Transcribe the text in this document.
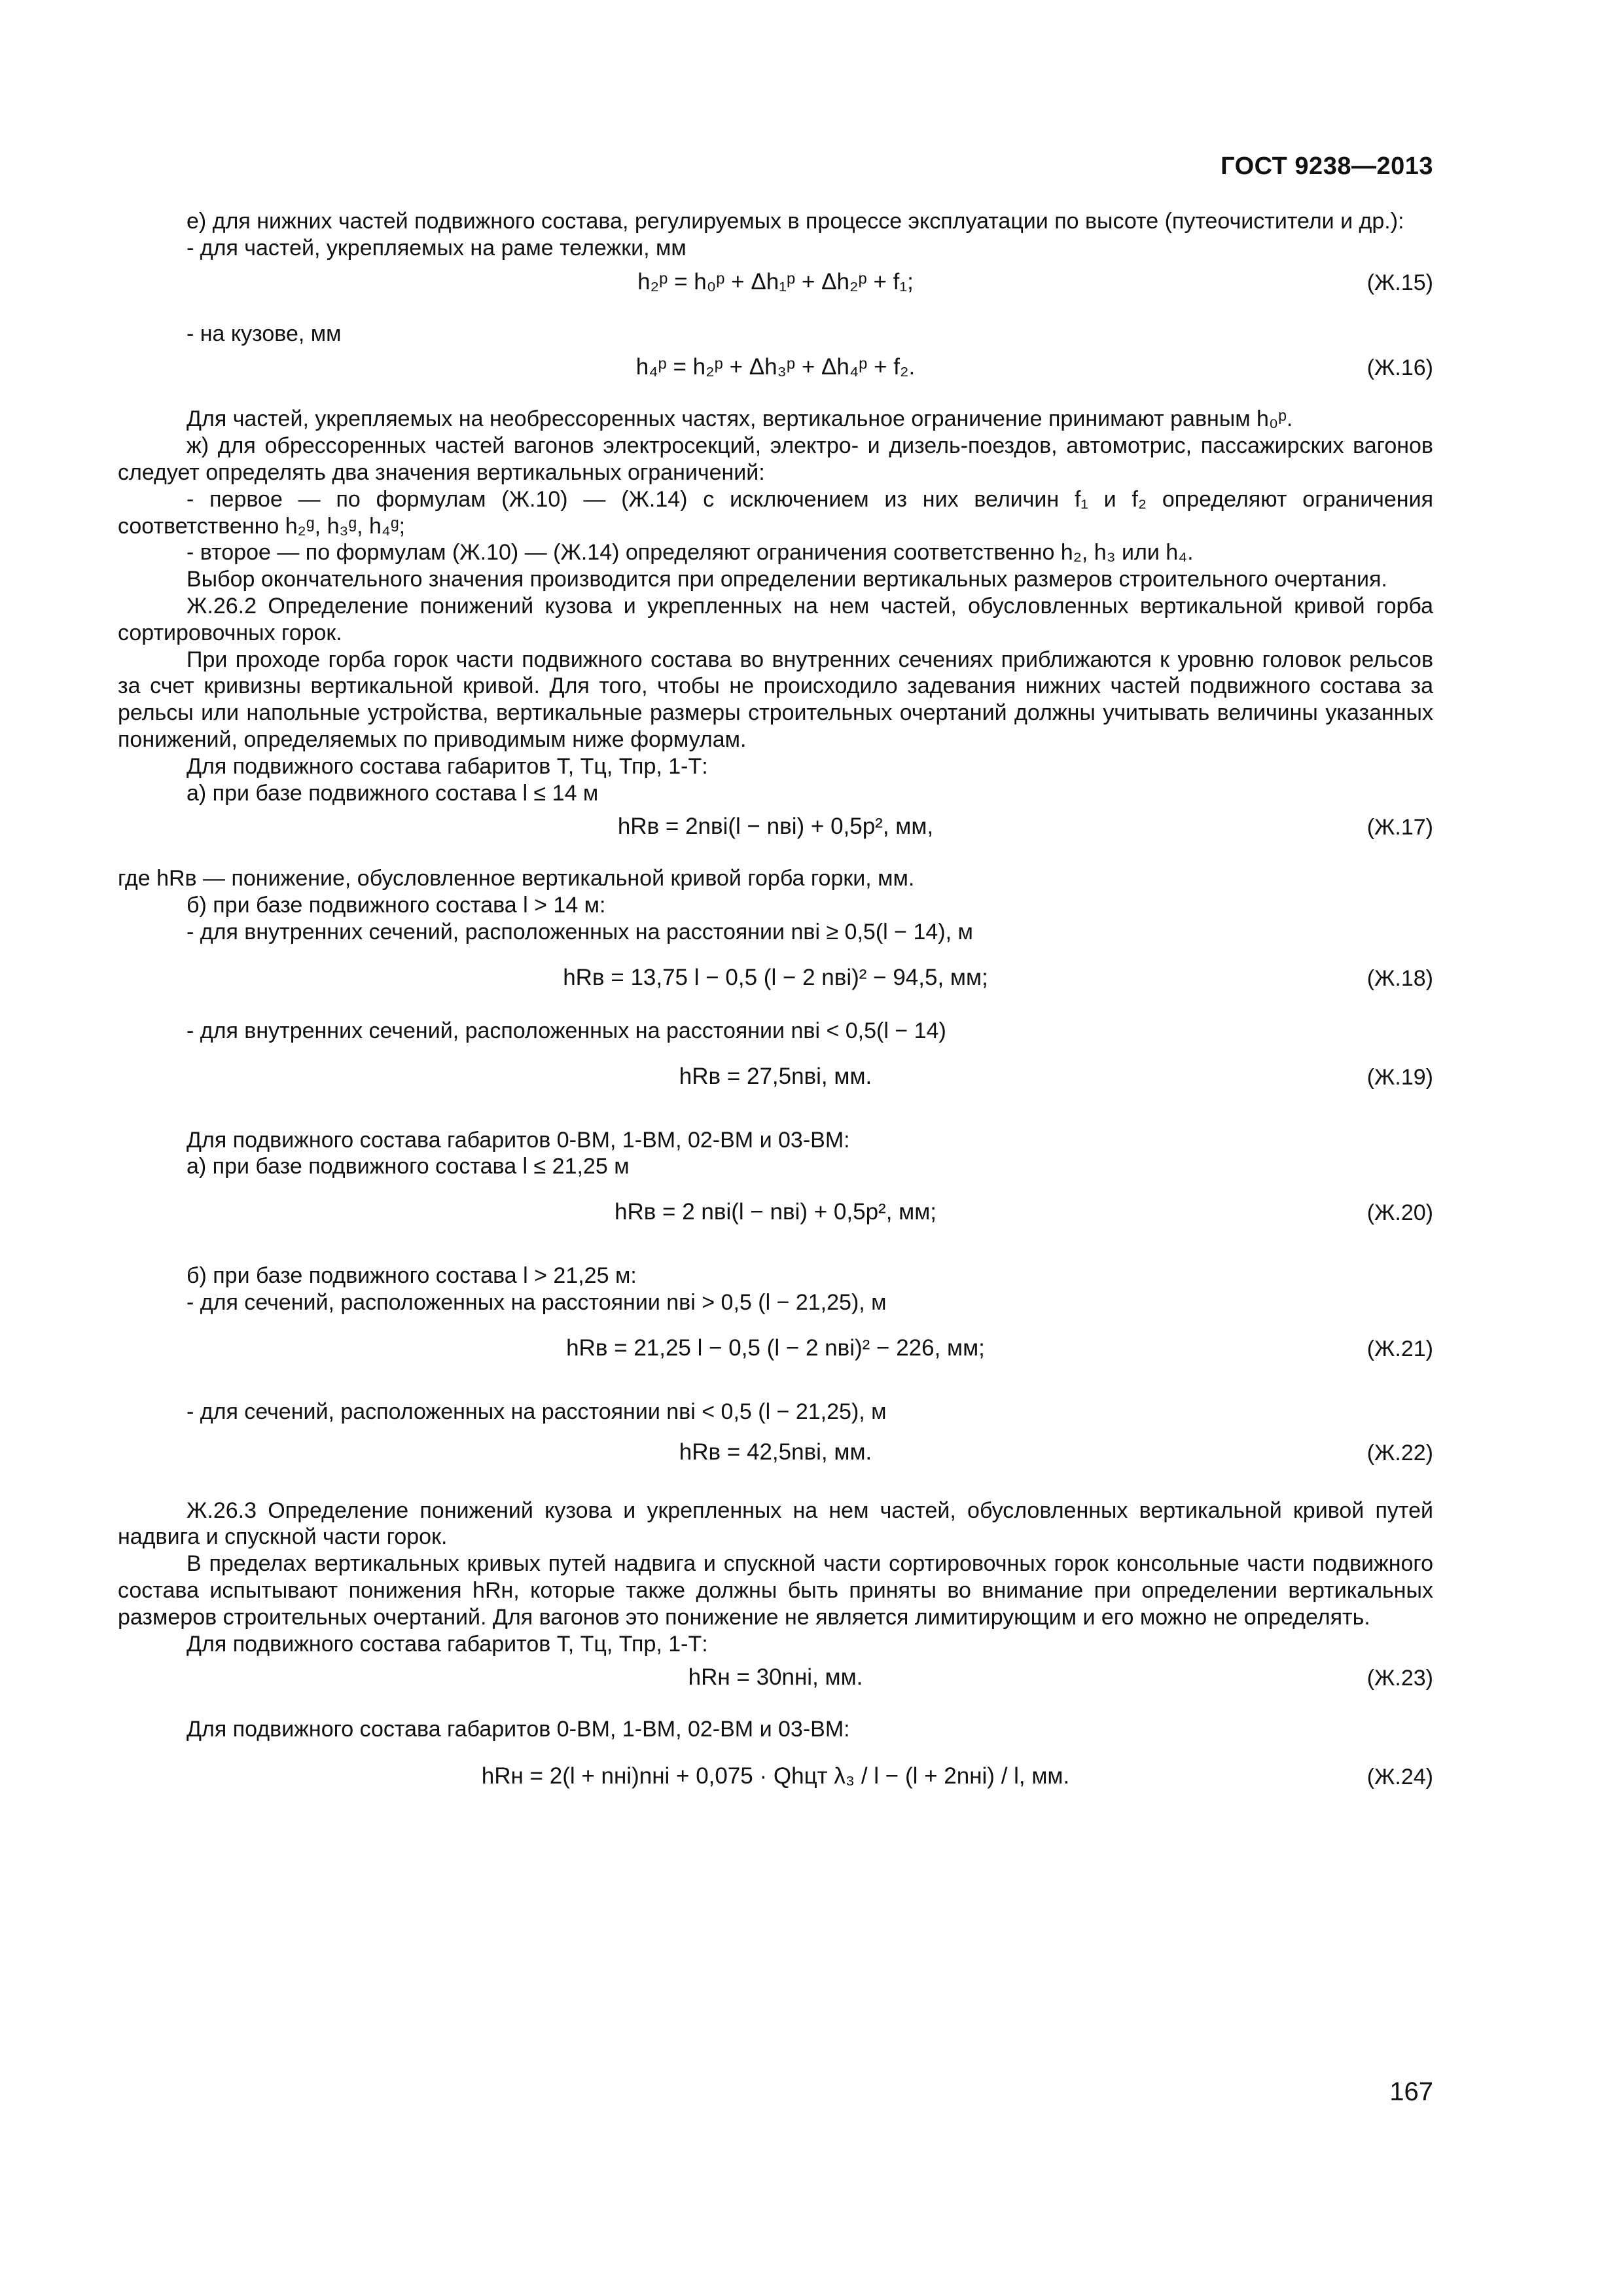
ГОСТ 9238—2013

е) для нижних частей подвижного состава, регулируемых в процессе эксплуатации по высоте (путеочистители и др.):

- для частей, укрепляемых на раме тележки, мм

h₂ᵖ = h₀ᵖ + Δh₁ᵖ + Δh₂ᵖ + f₁;	(Ж.15)

- на кузове, мм

h₄ᵖ = h₂ᵖ + Δh₃ᵖ + Δh₄ᵖ + f₂.	(Ж.16)

Для частей, укрепляемых на необрессоренных частях, вертикальное ограничение принимают равным h₀ᵖ.

ж) для обрессоренных частей вагонов электросекций, электро- и дизель-поездов, автомотрис, пассажирских вагонов следует определять два значения вертикальных ограничений:

- первое — по формулам (Ж.10) — (Ж.14) с исключением из них величин f₁ и f₂ определяют ограничения соответственно h₂ᵍ, h₃ᵍ, h₄ᵍ;

- второе — по формулам (Ж.10) — (Ж.14) определяют ограничения соответственно h₂, h₃ или h₄.

Выбор окончательного значения производится при определении вертикальных размеров строительного очертания.

Ж.26.2 Определение понижений кузова и укрепленных на нем частей, обусловленных вертикальной кривой горба сортировочных горок.

При проходе горба горок части подвижного состава во внутренних сечениях приближаются к уровню головок рельсов за счет кривизны вертикальной кривой. Для того, чтобы не происходило задевания нижних частей подвижного состава за рельсы или напольные устройства, вертикальные размеры строительных очертаний должны учитывать величины указанных понижений, определяемых по приводимым ниже формулам.

Для подвижного состава габаритов Т, Тц, Тпр, 1-Т:

а) при базе подвижного состава l ≤ 14 м

hRв = 2nвi(l − nвi) + 0,5p², мм,	(Ж.17)

где hRв — понижение, обусловленное вертикальной кривой горба горки, мм.

б) при базе подвижного состава l > 14 м:

- для внутренних сечений, расположенных на расстоянии nвi ≥ 0,5(l − 14), м

hRв = 13,75 l − 0,5 (l − 2 nвi)² − 94,5, мм;	(Ж.18)

- для внутренних сечений, расположенных на расстоянии nвi < 0,5(l − 14)

hRв = 27,5nвi, мм.	(Ж.19)

Для подвижного состава габаритов 0-ВМ, 1-ВМ, 02-ВМ и 03-ВМ:

а) при базе подвижного состава l ≤ 21,25 м

hRв = 2 nвi(l − nвi) + 0,5p², мм;	(Ж.20)

б) при базе подвижного состава l > 21,25 м:

- для сечений, расположенных на расстоянии nвi > 0,5 (l − 21,25), м

hRв = 21,25 l − 0,5 (l − 2 nвi)² − 226, мм;	(Ж.21)

- для сечений, расположенных на расстоянии nвi < 0,5 (l − 21,25), м

hRв = 42,5nвi, мм.	(Ж.22)

Ж.26.3 Определение понижений кузова и укрепленных на нем частей, обусловленных вертикальной кривой путей надвига и спускной части горок.

В пределах вертикальных кривых путей надвига и спускной части сортировочных горок консольные части подвижного состава испытывают понижения hRн, которые также должны быть приняты во внимание при определении вертикальных размеров строительных очертаний. Для вагонов это понижение не является лимитирующим и его можно не определять.

Для подвижного состава габаритов Т, Тц, Тпр, 1-Т:

hRн = 30nнi, мм.	(Ж.23)

Для подвижного состава габаритов 0-ВМ, 1-ВМ, 02-ВМ и 03-ВМ:

hRн = 2(l + nнi)nнi + 0,075 · Qhцт λ₃ / l − (l + 2nнi) / l, мм.	(Ж.24)
167
